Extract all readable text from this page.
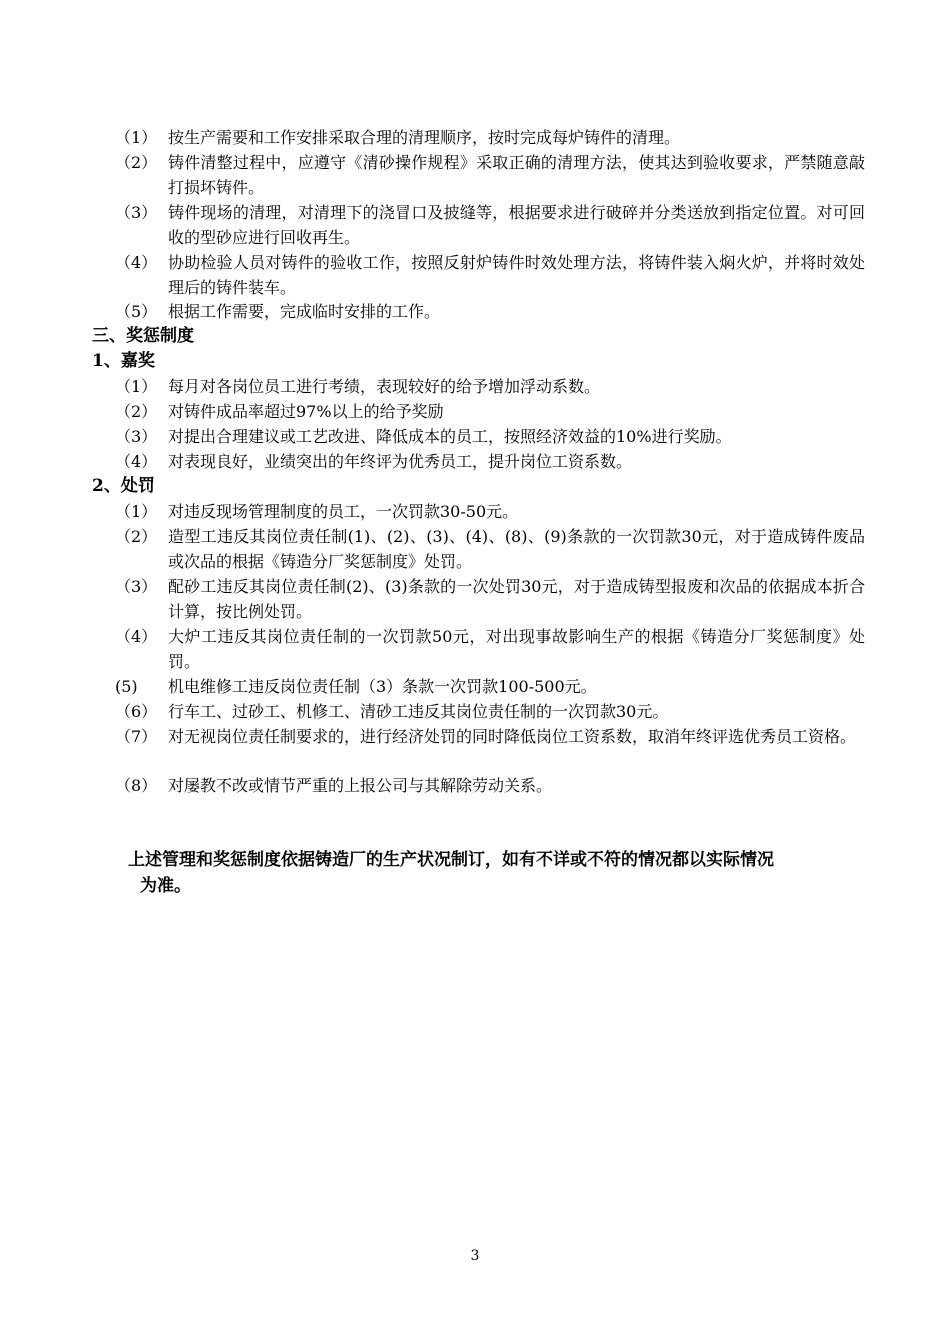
（1） 按生产需要和工作安排采取合理的清理顺序，按时完成每炉铸件的清理。
（2） 铸件清整过程中，应遵守《清砂操作规程》采取正确的清理方法，使其达到验收要求，严禁随意敲打损坏铸件。
（3） 铸件现场的清理，对清理下的浇冒口及披缝等，根据要求进行破碎并分类送放到指定位置。对可回收的型砂应进行回收再生。
（4） 协助检验人员对铸件的验收工作，按照反射炉铸件时效处理方法，将铸件装入焖火炉，并将时效处理后的铸件装车。
（5） 根据工作需要，完成临时安排的工作。
三、奖惩制度
1、嘉奖
（1） 每月对各岗位员工进行考绩，表现较好的给予增加浮动系数。
（2） 对铸件成品率超过97%以上的给予奖励
（3） 对提出合理建议或工艺改进、降低成本的员工，按照经济效益的10%进行奖励。
（4） 对表现良好，业绩突出的年终评为优秀员工，提升岗位工资系数。
2、处罚
（1） 对违反现场管理制度的员工，一次罚款30-50元。
（2） 造型工违反其岗位责任制(1)、(2)、(3)、(4)、(8)、(9)条款的一次罚款30元，对于造成铸件废品或次品的根据《铸造分厂奖惩制度》处罚。
（3） 配砂工违反其岗位责任制(2)、(3)条款的一次处罚30元，对于造成铸型报废和次品的依据成本折合计算，按比例处罚。
（4） 大炉工违反其岗位责任制的一次罚款50元，对出现事故影响生产的根据《铸造分厂奖惩制度》处罚。
(5) 机电维修工违反岗位责任制（3）条款一次罚款100-500元。
（6） 行车工、过砂工、机修工、清砂工违反其岗位责任制的一次罚款30元。
（7） 对无视岗位责任制要求的，进行经济处罚的同时降低岗位工资系数，取消年终评选优秀员工资格。
（8） 对屡教不改或情节严重的上报公司与其解除劳动关系。
上述管理和奖惩制度依据铸造厂的生产状况制订，如有不详或不符的情况都以实际情况
为准。
3
